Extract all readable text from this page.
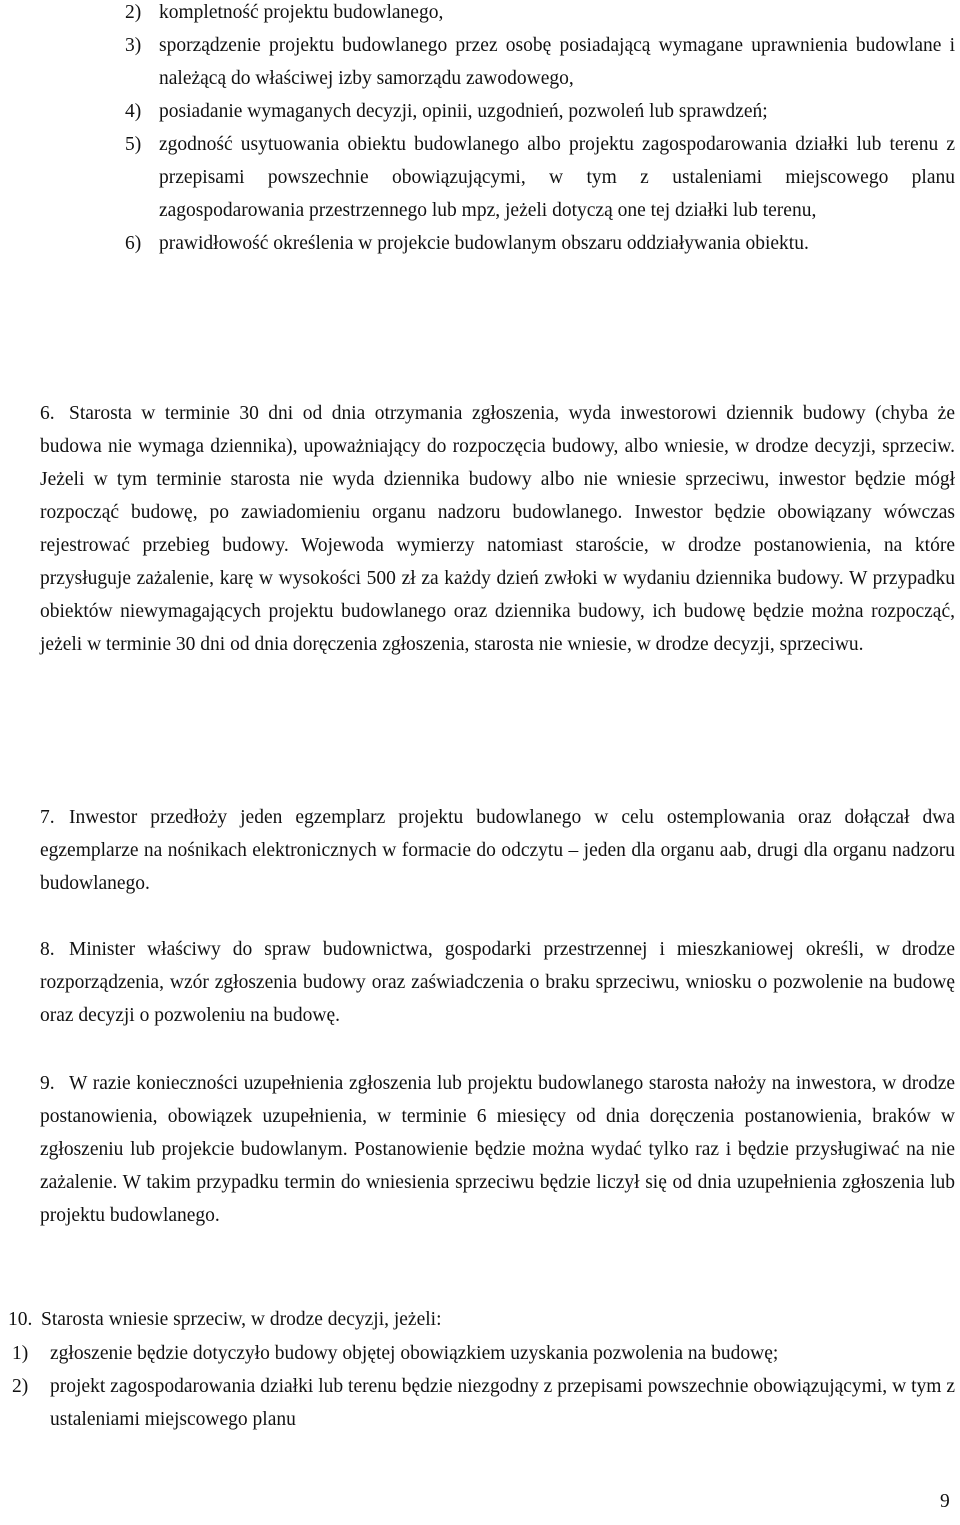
2) kompletność projektu budowlanego,
3) sporządzenie projektu budowlanego przez osobę posiadającą wymagane uprawnienia budowlane i należącą do właściwej izby samorządu zawodowego,
4) posiadanie wymaganych decyzji, opinii, uzgodnień, pozwoleń lub sprawdzeń;
5) zgodność usytuowania obiektu budowlanego albo projektu zagospodarowania działki lub terenu z przepisami powszechnie obowiązującymi, w tym z ustaleniami miejscowego planu zagospodarowania przestrzennego lub mpz, jeżeli dotyczą one tej działki lub terenu,
6) prawidłowość określenia w projekcie budowlanym obszaru oddziaływania obiektu.

6. Starosta w terminie 30 dni od dnia otrzymania zgłoszenia, wyda inwestorowi dziennik budowy (chyba że budowa nie wymaga dziennika), upoważniający do rozpoczęcia budowy, albo wniesie, w drodze decyzji, sprzeciw. Jeżeli w tym terminie starosta nie wyda dziennika budowy albo nie wniesie sprzeciwu, inwestor będzie mógł rozpocząć budowę, po zawiadomieniu organu nadzoru budowlanego. Inwestor będzie obowiązany wówczas rejestrować przebieg budowy. Wojewoda wymierzy natomiast staroście, w drodze postanowienia, na które przysługuje zażalenie, karę w wysokości 500 zł za każdy dzień zwłoki w wydaniu dziennika budowy. W przypadku obiektów niewymagających projektu budowlanego oraz dziennika budowy, ich budowę będzie można rozpocząć, jeżeli w terminie 30 dni od dnia doręczenia zgłoszenia, starosta nie wniesie, w drodze decyzji, sprzeciwu.

7. Inwestor przedłoży jeden egzemplarz projektu budowlanego w celu ostemplowania oraz dołączał dwa egzemplarze na nośnikach elektronicznych w formacie do odczytu – jeden dla organu aab, drugi dla organu nadzoru budowlanego.

8. Minister właściwy do spraw budownictwa, gospodarki przestrzennej i mieszkaniowej określi, w drodze rozporządzenia, wzór zgłoszenia budowy oraz zaświadczenia o braku sprzeciwu, wniosku o pozwolenie na budowę oraz decyzji o pozwoleniu na budowę.

9. W razie konieczności uzupełnienia zgłoszenia lub projektu budowlanego starosta nałoży na inwestora, w drodze postanowienia, obowiązek uzupełnienia, w terminie 6 miesięcy od dnia doręczenia postanowienia, braków w zgłoszeniu lub projekcie budowlanym. Postanowienie będzie można wydać tylko raz i będzie przysługiwać na nie zażalenie. W takim przypadku termin do wniesienia sprzeciwu będzie liczył się od dnia uzupełnienia zgłoszenia lub projektu budowlanego.

10. Starosta wniesie sprzeciw, w drodze decyzji, jeżeli:

1) zgłoszenie będzie dotyczyło budowy objętej obowiązkiem uzyskania pozwolenia na budowę;
2) projekt zagospodarowania działki lub terenu będzie niezgodny z przepisami powszechnie obowiązującymi, w tym z ustaleniami miejscowego planu
9
